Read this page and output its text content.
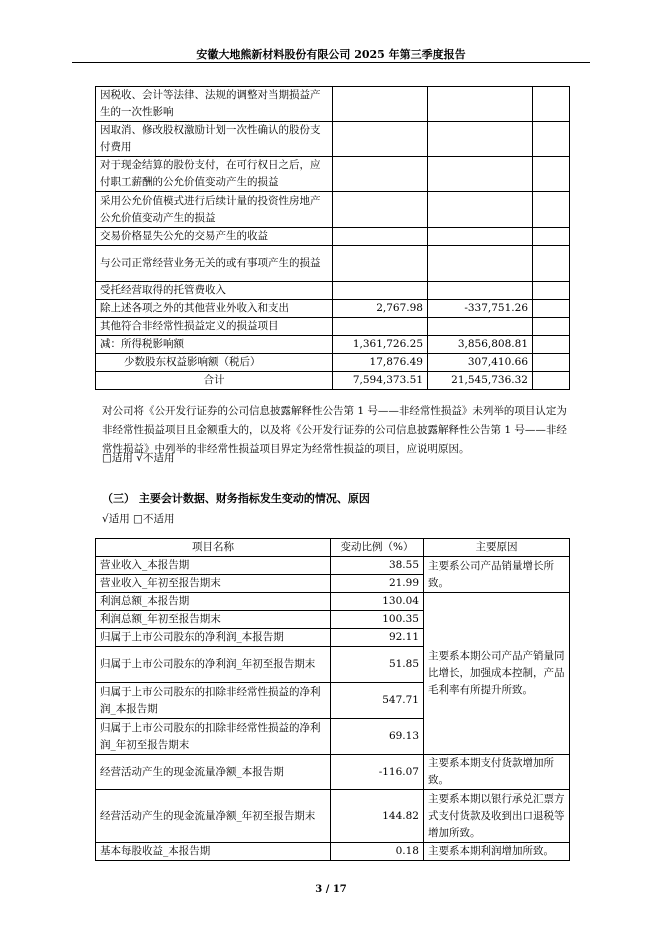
安徽大地熊新材料股份有限公司 2025 年第三季度报告
因税收、会计等法律、法规的调整对当期损益产生的一次性影响			
因取消、修改股权激励计划一次性确认的股份支付费用			
对于现金结算的股份支付，在可行权日之后，应付职工薪酬的公允价值变动产生的损益			
采用公允价值模式进行后续计量的投资性房地产公允价值变动产生的损益			
交易价格显失公允的交易产生的收益			
与公司正常经营业务无关的或有事项产生的损益			
受托经营取得的托管费收入			
除上述各项之外的其他营业外收入和支出	2,767.98	-337,751.26	
其他符合非经常性损益定义的损益项目			
减：所得税影响额	1,361,726.25	3,856,808.81	
少数股东权益影响额（税后）	17,876.49	307,410.66	
合计	7,594,373.51	21,545,736.32	
对公司将《公开发行证券的公司信息披露解释性公告第 1 号——非经常性损益》未列举的项目认定为非经常性损益项目且金额重大的，以及将《公开发行证券的公司信息披露解释性公告第 1 号——非经常性损益》中列举的非经常性损益项目界定为经常性损益的项目，应说明原因。
□适用 √不适用
（三） 主要会计数据、财务指标发生变动的情况、原因
√适用 □不适用
项目名称	变动比例（%）	主要原因
营业收入_本报告期	38.55	主要系公司产品销量增长所致。
营业收入_年初至报告期末	21.99	
利润总额_本报告期	130.04	主要系本期公司产品产销量同比增长，加强成本控制，产品毛利率有所提升所致。
利润总额_年初至报告期末	100.35	
归属于上市公司股东的净利润_本报告期	92.11	
归属于上市公司股东的净利润_年初至报告期末	51.85	
归属于上市公司股东的扣除非经常性损益的净利润_本报告期	547.71	
归属于上市公司股东的扣除非经常性损益的净利润_年初至报告期末	69.13	
经营活动产生的现金流量净额_本报告期	-116.07	主要系本期支付货款增加所致。
经营活动产生的现金流量净额_年初至报告期末	144.82	主要系本期以银行承兑汇票方式支付货款及收到出口退税等增加所致。
基本每股收益_本报告期	0.18	主要系本期利润增加所致。
3 / 17
